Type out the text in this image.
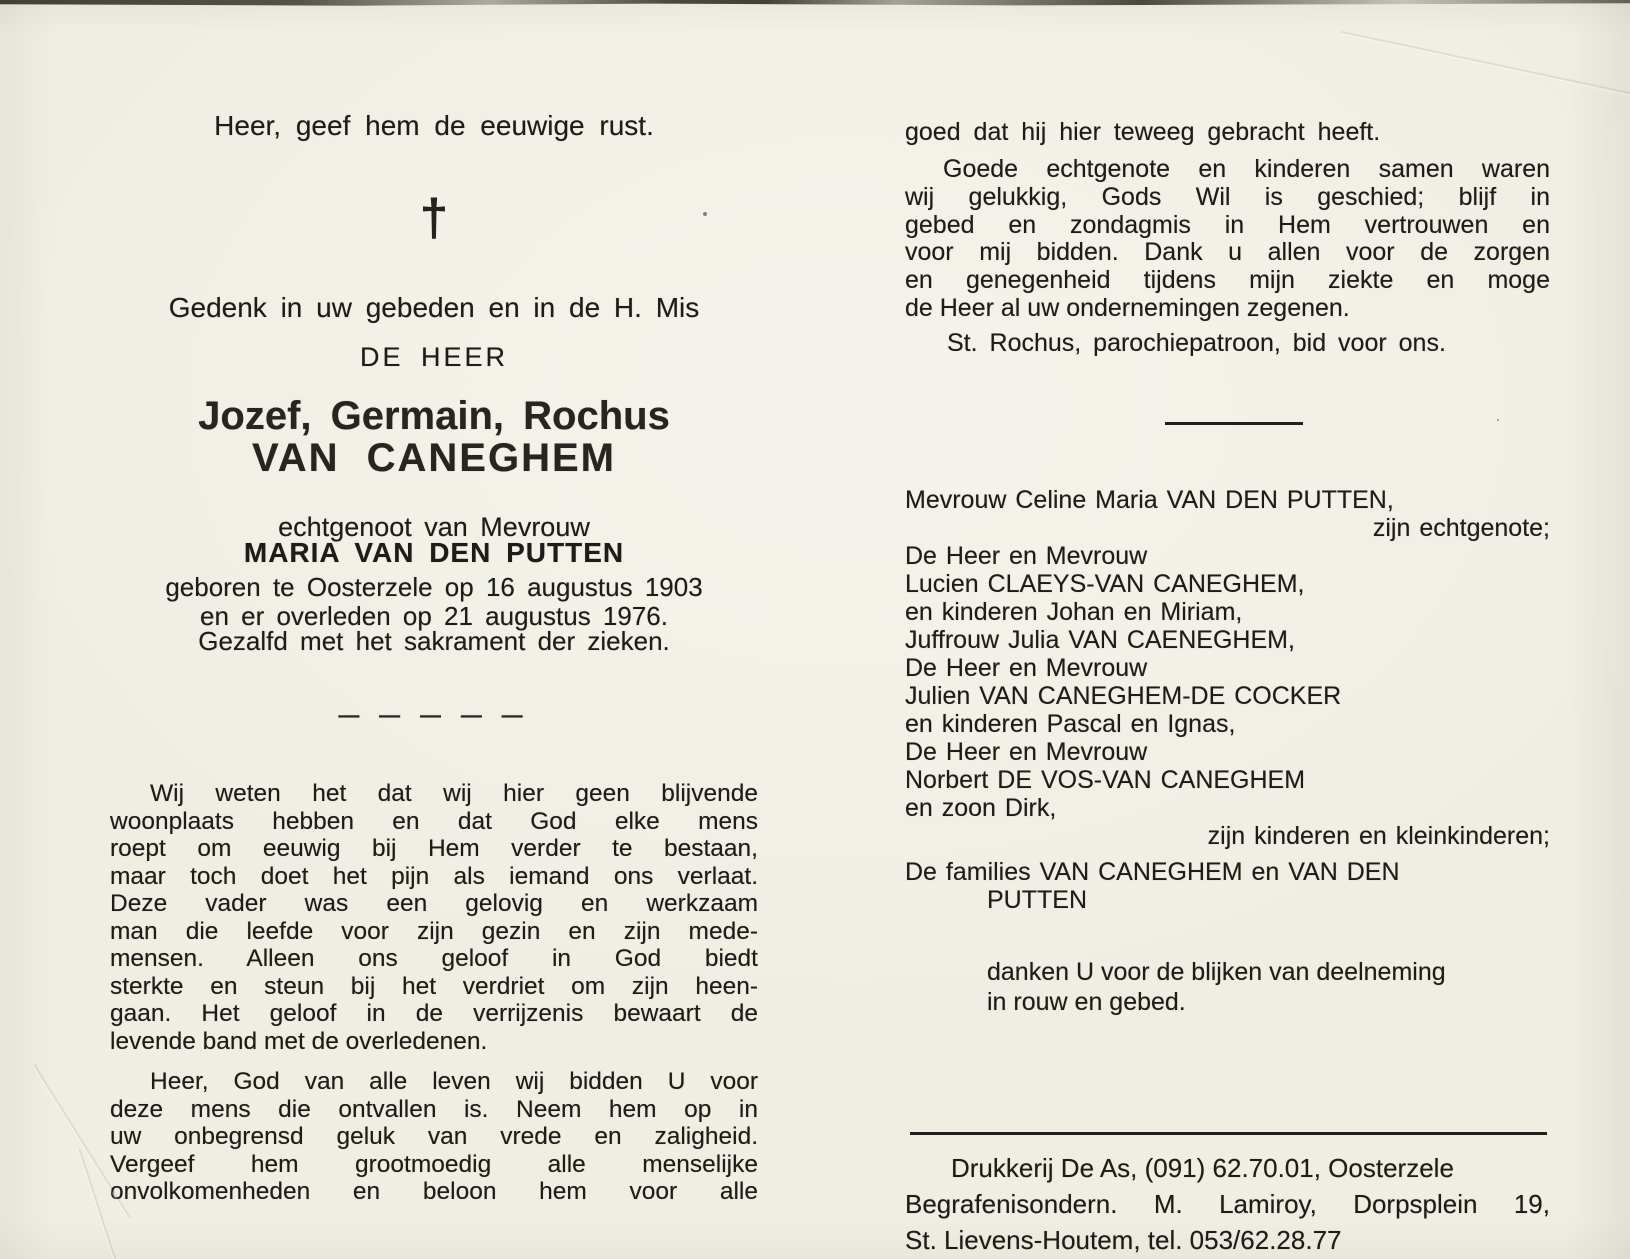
Heer, geef hem de eeuwige rust.
†
Gedenk in uw gebeden en in de H. Mis
DE HEER
Jozef, Germain, Rochus
VAN CANEGHEM
echtgenoot van Mevrouw
MARIA VAN DEN PUTTEN
geboren te Oosterzele op 16 augustus 1903
en er overleden op 21 augustus 1976.
Gezalfd met het sakrament der zieken.
— — — — —
Wij weten het dat wij hier geen blijvende
woonplaats hebben en dat God elke mens
roept om eeuwig bij Hem verder te bestaan,
maar toch doet het pijn als iemand ons verlaat.
Deze vader was een gelovig en werkzaam
man die leefde voor zijn gezin en zijn mede-
mensen. Alleen ons geloof in God biedt
sterkte en steun bij het verdriet om zijn heen-
gaan. Het geloof in de verrijzenis bewaart de
levende band met de overledenen.
Heer, God van alle leven wij bidden U voor
deze mens die ontvallen is. Neem hem op in
uw onbegrensd geluk van vrede en zaligheid.
Vergeef hem grootmoedig alle menselijke
onvolkomenheden en beloon hem voor alle
goed dat hij hier teweeg gebracht heeft.
Goede echtgenote en kinderen samen waren
wij gelukkig, Gods Wil is geschied; blijf in
gebed en zondagmis in Hem vertrouwen en
voor mij bidden. Dank u allen voor de zorgen
en genegenheid tijdens mijn ziekte en moge
de Heer al uw ondernemingen zegenen.
St. Rochus, parochiepatroon, bid voor ons.
Mevrouw Celine Maria VAN DEN PUTTEN,
zijn echtgenote;
De Heer en Mevrouw
Lucien CLAEYS-VAN CANEGHEM,
en kinderen Johan en Miriam,
Juffrouw Julia VAN CAENEGHEM,
De Heer en Mevrouw
Julien VAN CANEGHEM-DE COCKER
en kinderen Pascal en Ignas,
De Heer en Mevrouw
Norbert DE VOS-VAN CANEGHEM
en zoon Dirk,
zijn kinderen en kleinkinderen;
De families VAN CANEGHEM en VAN DEN
PUTTEN
danken U voor de blijken van deelneming
in rouw en gebed.
Drukkerij De As, (091) 62.70.01, Oosterzele
Begrafenisondern. M. Lamiroy, Dorpsplein 19,
St. Lievens-Houtem, tel. 053/62.28.77
